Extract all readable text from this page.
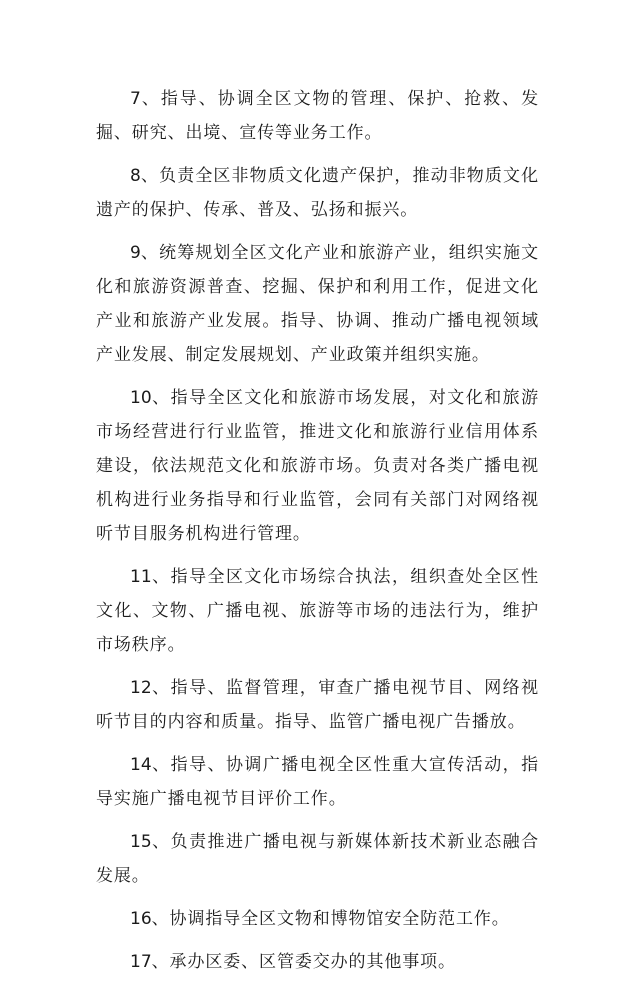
7、指导、协调全区文物的管理、保护、抢救、发掘、研究、出境、宣传等业务工作。

8、负责全区非物质文化遗产保护，推动非物质文化遗产的保护、传承、普及、弘扬和振兴。

9、统筹规划全区文化产业和旅游产业，组织实施文化和旅游资源普查、挖掘、保护和利用工作，促进文化产业和旅游产业发展。指导、协调、推动广播电视领域产业发展、制定发展规划、产业政策并组织实施。

10、指导全区文化和旅游市场发展，对文化和旅游市场经营进行行业监管，推进文化和旅游行业信用体系建设，依法规范文化和旅游市场。负责对各类广播电视机构进行业务指导和行业监管，会同有关部门对网络视听节目服务机构进行管理。

11、指导全区文化市场综合执法，组织查处全区性文化、文物、广播电视、旅游等市场的违法行为，维护市场秩序。

12、指导、监督管理，审查广播电视节目、网络视听节目的内容和质量。指导、监管广播电视广告播放。

14、指导、协调广播电视全区性重大宣传活动，指导实施广播电视节目评价工作。

15、负责推进广播电视与新媒体新技术新业态融合发展。

16、协调指导全区文物和博物馆安全防范工作。

17、承办区委、区管委交办的其他事项。
